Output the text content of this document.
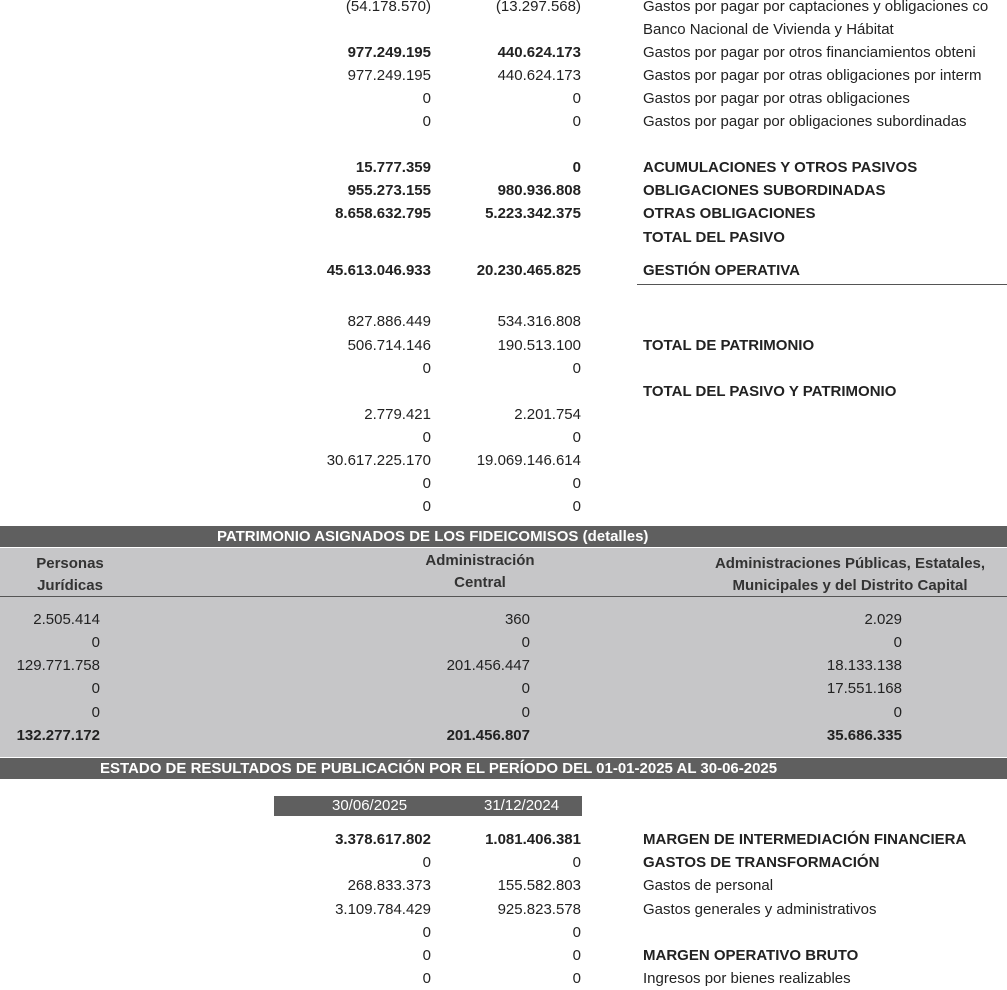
(54.178.570)	(13.297.568)	Gastos por pagar por captaciones y obligaciones co
Banco Nacional de Vivienda y Hábitat
977.249.195	440.624.173	Gastos por pagar por otros financiamientos obteni
977.249.195	440.624.173	Gastos por pagar por otras obligaciones por interm
0	0	Gastos por pagar por otras obligaciones
0	0	Gastos por pagar por obligaciones subordinadas
15.777.359	0	ACUMULACIONES Y OTROS PASIVOS
955.273.155	980.936.808	OBLIGACIONES SUBORDINADAS
8.658.632.795	5.223.342.375	OTRAS OBLIGACIONES
TOTAL DEL PASIVO
45.613.046.933	20.230.465.825	GESTIÓN OPERATIVA
827.886.449	534.316.808
506.714.146	190.513.100	TOTAL DE PATRIMONIO
0	0
TOTAL DEL PASIVO Y PATRIMONIO
2.779.421	2.201.754
0	0
30.617.225.170	19.069.146.614
0	0
0	0
PATRIMONIO ASIGNADOS DE LOS FIDEICOMISOS (detalles)
Personas
Jurídicas
Administración
Central
Administraciones Públicas, Estatales,
Municipales y del Distrito Capital
2.505.414	360	2.029
0	0	0
129.771.758	201.456.447	18.133.138
0	0	17.551.168
0	0	0
132.277.172	201.456.807	35.686.335
ESTADO DE RESULTADOS DE PUBLICACIÓN POR EL PERÍODO DEL 01-01-2025 AL 30-06-2025
30/06/2025	31/12/2024
3.378.617.802	1.081.406.381	MARGEN DE INTERMEDIACIÓN FINANCIERA
0	0	GASTOS DE TRANSFORMACIÓN
268.833.373	155.582.803	Gastos de personal
3.109.784.429	925.823.578	Gastos generales y administrativos
0	0
0	0	MARGEN OPERATIVO BRUTO
0	0	Ingresos por bienes realizables
